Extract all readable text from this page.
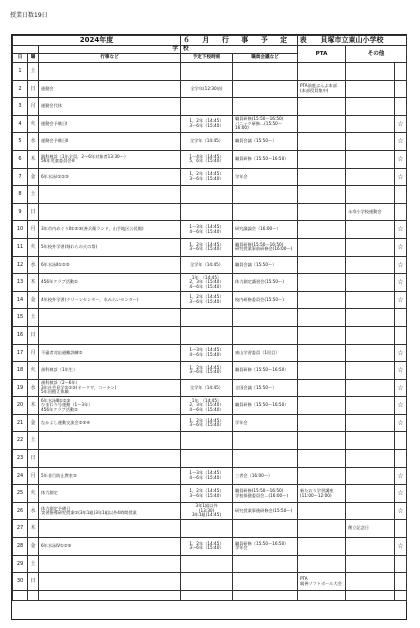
授業日数19日
2024年度			６ 月 行 事 予 定 表		貝塚市立東山小学校		
		学	校		PTA	その他	
日	曜	行事など	予定下校時刻	職員会議など			
1	土						
2	日	運動会	全学年(12:30頃)		PTA前庭ぶんぶ本部
(本部役員集中)		
3	月	運動会代休					
4	火	運動会予備日Ⅰ	1，2年（14:45）
3～6年（15:40）	職員研修(15:50～16:50)
パニック研修…(15:50～16:00)			☆
5	水	運動会予備日Ⅱ	全学年（14:45）	職員会議（15:50～）			☆
6	木	眼科検診（1年全員，2～6年対象者13:30～）
56年児童委員会⑥	1～4年（14:45）
5，6年（15:40）	職員研修（15:50～16:50）			☆
7	金	6年水泳Ⅰ①②③	1，2年（14:45）
3～6年（15:40）	学年会			☆
8	土						
9	日					永寿小学校運動会	
10	月	3年市内めぐりⅡ①②③(善兵衛ランド，山手地区公民館)	1～3年（14:45）
4～6年（15:40）	研究議論会（16:00～）			☆
11	火	5年校外学習(堀わらの火の祭)	1，2年（14:45）
3～6年（15:40）	職員研修(15:50～16:50)
研究授業事前研修会(16:00～)			☆
12	水	6年水泳Ⅱ①②③	全学年（14:45）	職員会議（15:50～）			☆
13	木	456年クラブ活動①	1年　（14:45）
2，3年（15:40）
4～6年（15:40）	体力測定講習会(15:50～)			☆
14	金	4年校外学習(クリーンセンター，水みらいセンター)	1，2年（14:45）
3～6年（15:40）	校内研修委員会(15:50～)			☆
15	土						
16	日						
17	月	不審者対応避難訓練②	1～3年（14:45）
4～6年（15:40）	東山学習委員（1回目）			☆
18	火	歯科検診（1年生）	1，2年（14:45）
3～6年（15:40）	職員研修（15:50～16:50）			☆
19	水	歯科検診（2～6年）
3年社会見学①②③(オークワ，コーナン)
5年田植え体験	全学年（14:45）	全国会議（15:50～）			☆
20	木	6年水泳Ⅲ①②③
ひまわり号運動（1～3年）
456年クラブ活動②	1年　（14:45）
2，3年（15:40）
4～6年（15:40）	職員研修（15:50～16:50）			☆
21	金	なかよし運動交流会②③④	1，2年（14:45）
3～6年（15:40）	学年会			☆
22	土						
23	日						
24	月	5年非行防止教室③	1～3年（14:45）
4～6年（15:40）	三者会（16:00～）			☆
25	火	体力測定	1，2年（14:45）
3～6年（15:40）	職員研修(15:50～16:50)
学校保健委員会…(16:00～)	新たおり学習講座
(11:00～12:00)		☆
26	水	体力測定予備日
実習指導研究授業①(3年1組)3年1組以外4時間授業	3年1組以外
(13:30)
3年1組(14:45)	研究授業事後研修会(15:50～)			☆
27	木					創立記念日	
28	金	6年水泳Ⅳ①②③	1，2年（14:45）
3～6年（15:40）	職員研修（15:50～16:50）
学年会			☆
29	土						
30	日				PTA
親善ソフトボール大会		
